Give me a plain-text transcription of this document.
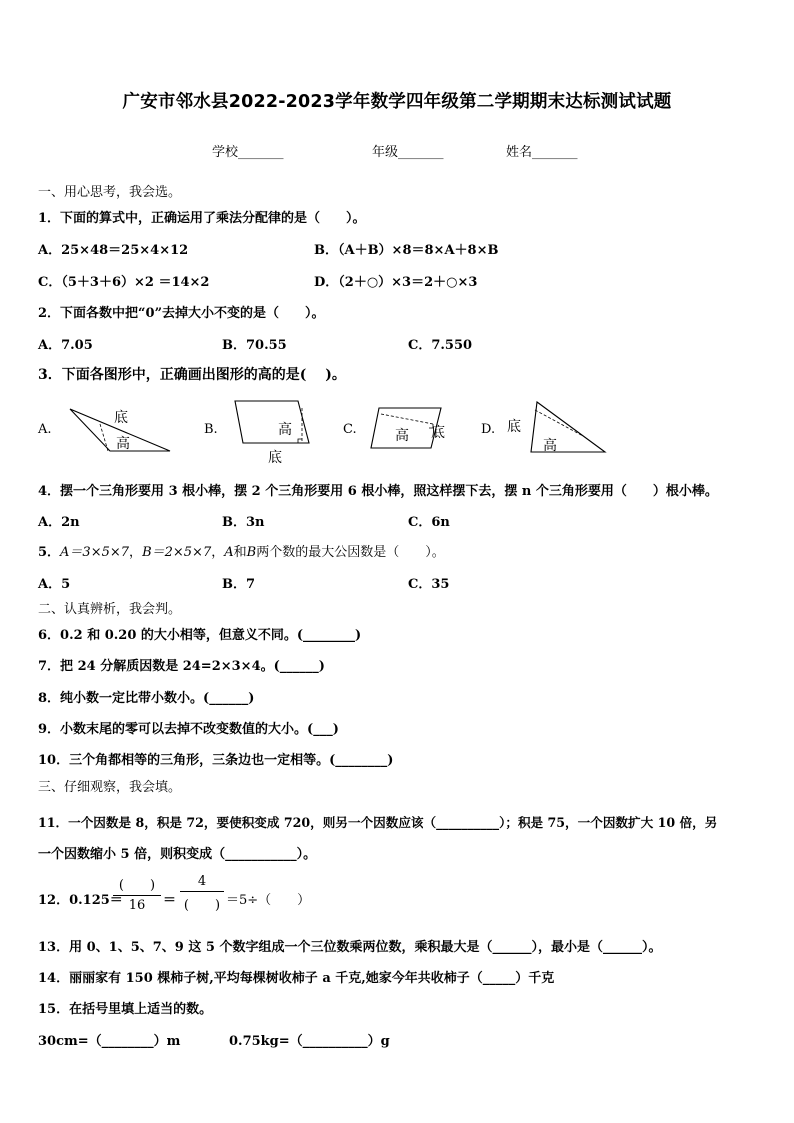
广安市邻水县2022-2023学年数学四年级第二学期期末达标测试试题
学校_______	年级_______	姓名_______
一、用心思考，我会选。
1．下面的算式中，正确运用了乘法分配律的是（　　）。
A．25×48＝25×4×12	B．（A＋B）×8＝8×A＋8×B
C．（5＋3＋6）×2 ＝14×2	D．（2＋○）×3＝2＋○×3
2．下面各数中把“0”去掉大小不变的是（　　）。
A．7.05	B．70.55	C．7.550
3．下面各图形中，正确画出图形的高的是(　 )。
A.
底
高
B.	高
底
C.	高 底	D. 底
高
4．摆一个三角形要用 3 根小棒，摆 2 个三角形要用 6 根小棒，照这样摆下去，摆 n 个三角形要用（　　）根小棒。
A．2n	B．3n	C．6n
5．A＝3×5×7，B＝2×5×7，A和B两个数的最大公因数是（　　）。
A．5	B．7	C．35
二、认真辨析，我会判。
6．0.2 和 0.20 的大小相等，但意义不同。(________)
7．把 24 分解质因数是 24=2×3×4。(______)
8．纯小数一定比带小数小。(______)
9．小数末尾的零可以去掉不改变数值的大小。(___)
10．三个角都相等的三角形，三条边也一定相等。(________)
三、仔细观察，我会填。
11．一个因数是 8，积是 72，要使积变成 720，则另一个因数应该（__________）；积是 75，一个因数扩大 10 倍，另
一个因数缩小 5 倍，则积变成（___________）。
12．0.125＝
(　　)
16	＝
4
(　　) ＝5÷（　　）
13．用 0、1、5、7、9 这 5 个数字组成一个三位数乘两位数，乘积最大是（______），最小是（______）。
14．丽丽家有 150 棵柿子树,平均每棵树收柿子 a 千克,她家今年共收柿子（_____）千克
15．在括号里填上适当的数。
30cm=（________）m	0.75kg=（__________）g
